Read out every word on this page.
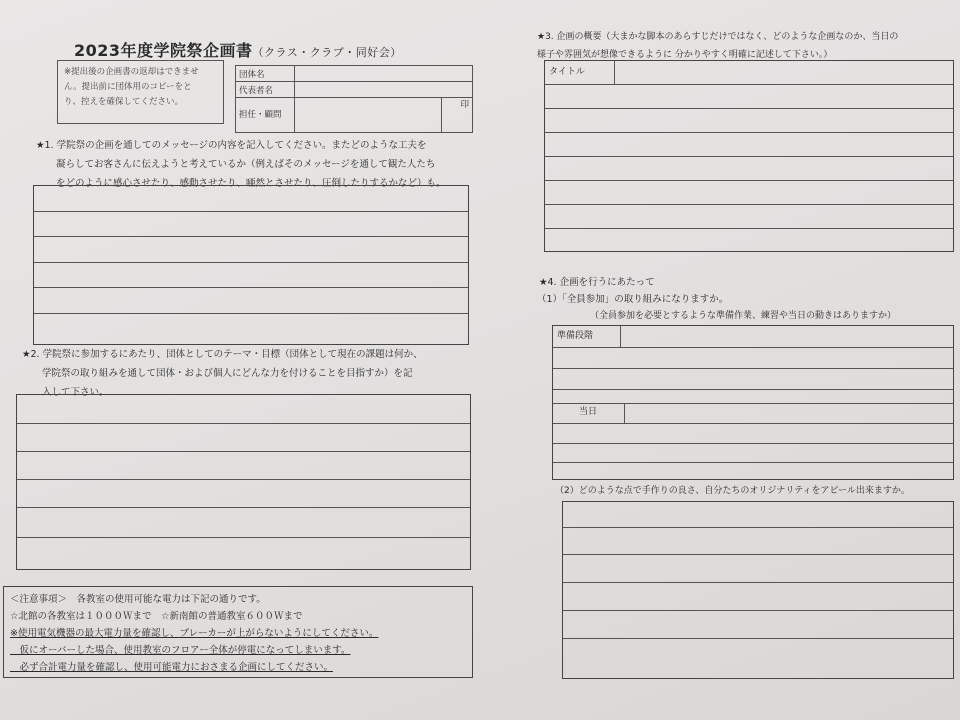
2023年度学院祭企画書（クラス・クラブ・同好会）
※提出後の企画書の返却はできませ
ん。提出前に団体用のコピーをと
り、控えを確保してください。
団体名		
代表者名		
担任・顧問		印
★1. 学院祭の企画を通してのメッセージの内容を記入してください。またどのような工夫を
凝らしてお客さんに伝えようと考えているか（例えばそのメッセージを通して観た人たち
をどのように感心させたり、感動させたり、唖然とさせたり、圧倒したりするかなど）も。
★2. 学院祭に参加するにあたり、団体としてのテーマ・目標（団体として現在の課題は何か、
学院祭の取り組みを通して団体・および個人にどんな力を付けることを目指すか）を記
入して下さい。
＜注意事項＞　各教室の使用可能な電力は下記の通りです。
☆北館の各教室は１０００Ｗまで　☆新南館の普通教室６００Ｗまで
※使用電気機器の最大電力量を確認し、ブレーカーが上がらないようにしてください。
　仮にオーバーした場合、使用教室のフロアー全体が停電になってしまいます。
　必ず合計電力量を確認し、使用可能電力におさまる企画にしてください。
★3. 企画の概要（大まかな脚本のあらすじだけではなく、どのような企画なのか、当日の
様子や雰囲気が想像できるように 分かりやすく明確に記述して下さい。）
タイトル
★4. 企画を行うにあたって
（1）「全員参加」の取り組みになりますか。
（全員参加を必要とするような準備作業、練習や当日の動きはありますか）
準備段階
当日
（2）どのような点で手作りの良さ、自分たちのオリジナリティをアピール出来ますか。
